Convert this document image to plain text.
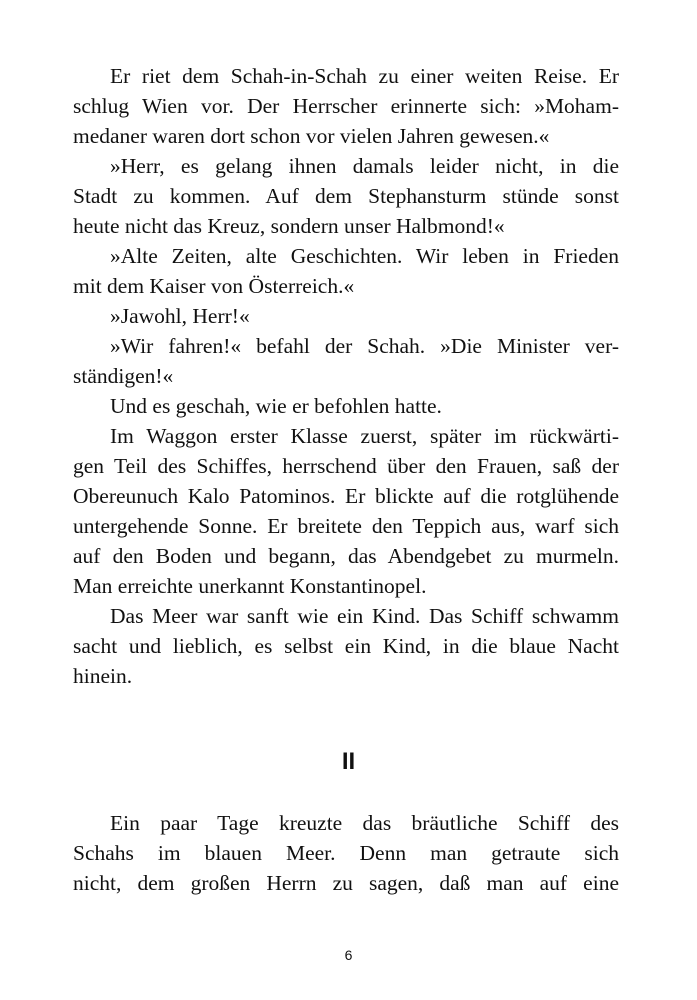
Er riet dem Schah-in-Schah zu einer weiten Reise. Er

schlug Wien vor. Der Herrscher erinnerte sich: »Moham-

medaner waren dort schon vor vielen Jahren gewesen.«

»Herr, es gelang ihnen damals leider nicht, in die

Stadt zu kommen. Auf dem Stephansturm stünde sonst

heute nicht das Kreuz, sondern unser Halbmond!«

»Alte Zeiten, alte Geschichten. Wir leben in Frieden

mit dem Kaiser von Österreich.«

»Jawohl, Herr!«

»Wir fahren!« befahl der Schah. »Die Minister ver-

ständigen!«

Und es geschah, wie er befohlen hatte.

Im Waggon erster Klasse zuerst, später im rückwärti-

gen Teil des Schiffes, herrschend über den Frauen, saß der

Obereunuch Kalo Patominos. Er blickte auf die rotglühende

untergehende Sonne. Er breitete den Teppich aus, warf sich

auf den Boden und begann, das Abendgebet zu murmeln.

Man erreichte unerkannt Konstantinopel.

Das Meer war sanft wie ein Kind. Das Schiff schwamm

sacht und lieblich, es selbst ein Kind, in die blaue Nacht

hinein.

II

Ein paar Tage kreuzte das bräutliche Schiff des

Schahs im blauen Meer. Denn man getraute sich

nicht, dem großen Herrn zu sagen, daß man auf eine

6
